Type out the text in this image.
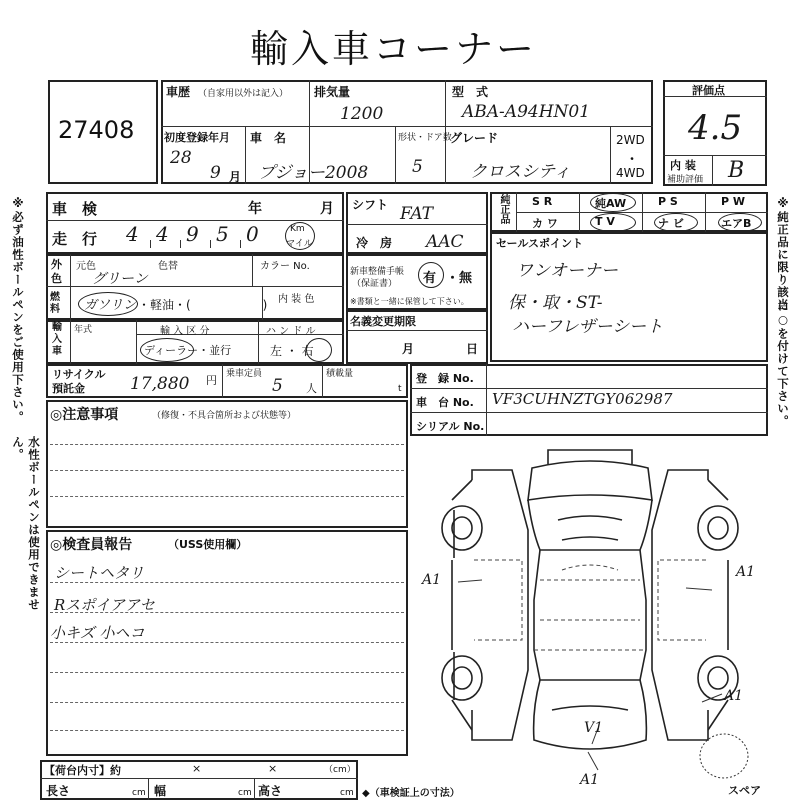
輸入車コーナー
27408
車歴 （自家用以外は記入） 排気量
1200
型　式
ABA-A94HN01
初度登録年月
28
9 月
車　名
プジョー2008
形状・ドア数
5
グレード
クロスシティ
2WD
・
4WD
評価点
4.5
内 装
補助評価 B
※必ず油性ボールペンをご使用下さい。
水性ボールペンは使用できません。
※純正品に限り該当
に○を付けて下さい。
車　検	年	月
走　行 4 4 9 5 0	Km
マイル
シフト FAT
冷　房 AAC
純正品 S R	純AW	P S	P W
カ ワ	T V	ナ ビ	エアB
セールスポイント
ワンオーナー
保・取・ST-
ハーフレザーシート
外
色
元色	色替
グリーン
カラー No.
燃料	ガソリン ・軽油・(　　　　　　) 内 装 色
新車整備手帳
（保証書） 有 ・無
※書類と一緒に保管して下さい。
輸入車
年式	輸 入 区 分
ディーラー・並行
ハ ン ド ル
左 ・ 右
名義変更期限
月	日
リサイクル
預託金	17,880 円 乗車定員
5 人
積載量
t
登　録 No.
車　台 No. VF3CUHNZTGY062987
シリアル No.
◎注意事項	（修復・不具合箇所および状態等）
◎検査員報告	（USS使用欄）
シートヘタリ
Rスポイアアセ
小キズ 小ヘコ
A1	A1
A1
V1
A1
スペア
【荷台内寸】約	×	×	（cm）
長さ	cm 幅	cm 高さ	cm ◆（車検証上の寸法）
